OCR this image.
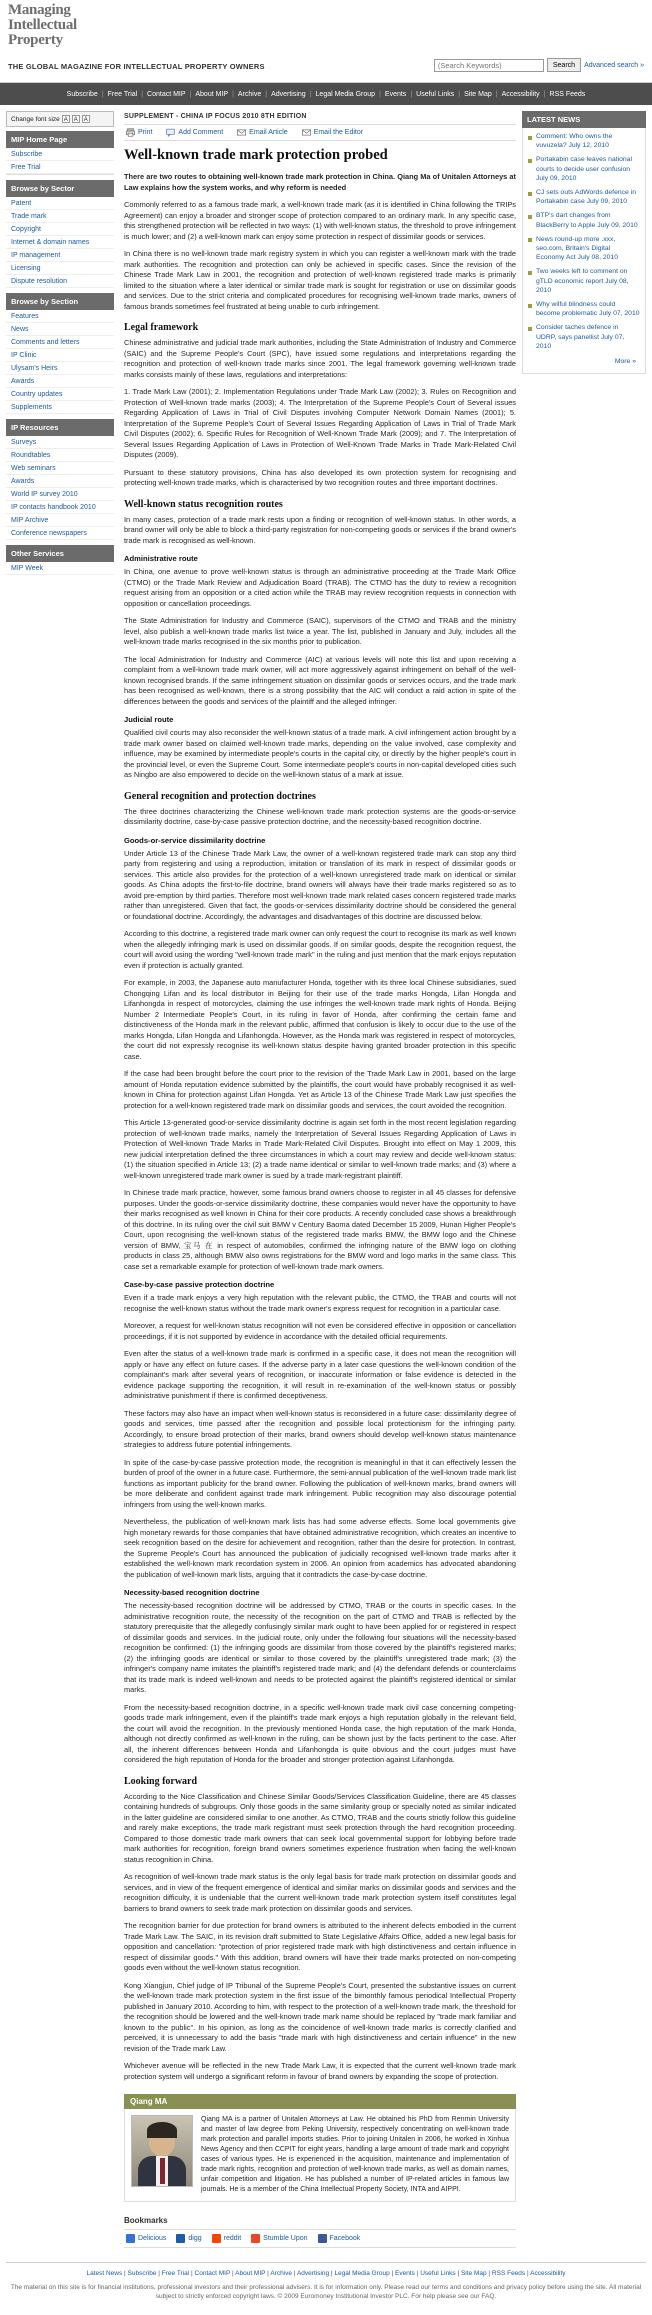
Managing
Intellectual
Property
THE GLOBAL MAGAZINE FOR INTELLECTUAL PROPERTY OWNERS
(Search Keywords)	Search	Advanced search »
Subscribe | Free Trial | Contact MIP | About MIP | Archive | Advertising | Legal Media Group | Events | Useful Links | Site Map | Accessibility | RSS Feeds
Change font size A A A
MIP Home Page
Subscribe
Free Trial
Browse by Sector
Patent
Trade mark
Copyright
Internet & domain names
IP management
Licensing
Dispute resolution
Browse by Section
Features
News
Comments and letters
IP Clinic
Ulysam's Heirs
Awards
Country updates
Supplements
IP Resources
Surveys
Roundtables
Web seminars
Awards
World IP survey 2010
IP contacts handbook 2010
MIP Archive
Conference newspapers
Other Services
MIP Week
SUPPLEMENT - CHINA IP FOCUS 2010 8TH EDITION
Print	Add Comment	Email Article	Email the Editor
Well-known trade mark protection probed

There are two routes to obtaining well-known trade mark protection in China. Qiang Ma of Unitalen Attorneys at Law explains how the system works, and why reform is needed

Commonly referred to as a famous trade mark, a well-known trade mark (as it is identified in China following the TRIPs Agreement) can enjoy a broader and stronger scope of protection compared to an ordinary mark. In any specific case, this strengthened protection will be reflected in two ways: (1) with well-known status, the threshold to prove infringement is much lower; and (2) a well-known mark can enjoy some protection in respect of dissimilar goods or services.

In China there is no well-known trade mark registry system in which you can register a well-known mark with the trade mark authorities. The recognition and protection can only be achieved in specific cases. Since the revision of the Chinese Trade Mark Law in 2001, the recognition and protection of well-known registered trade marks is primarily limited to the situation where a later identical or similar trade mark is sought for registration or use on dissimilar goods and services. Due to the strict criteria and complicated procedures for recognising well-known trade marks, owners of famous brands sometimes feel frustrated at being unable to curb infringement.

Legal framework

Chinese administrative and judicial trade mark authorities, including the State Administration of Industry and Commerce (SAIC) and the Supreme People's Court (SPC), have issued some regulations and interpretations regarding the recognition and protection of well-known trade marks since 2001. The legal framework governing well-known trade marks consists mainly of these laws, regulations and interpretations:

1. Trade Mark Law (2001); 2. Implementation Regulations under Trade Mark Law (2002); 3. Rules on Recognition and Protection of Well-known trade marks (2003); 4. The Interpretation of the Supreme People's Court of Several issues Regarding Application of Laws in Trial of Civil Disputes involving Computer Network Domain Names (2001); 5. Interpretation of the Supreme People's Court of Several Issues Regarding Application of Laws in Trial of Trade Mark Civil Disputes (2002); 6. Specific Rules for Recognition of Well-Known Trade Mark (2009); and 7. The Interpretation of Several Issues Regarding Application of Laws in Protection of Well-Known Trade Marks in Trade Mark-Related Civil Disputes (2009).

Pursuant to these statutory provisions, China has also developed its own protection system for recognising and protecting well-known trade marks, which is characterised by two recognition routes and three important doctrines.

Well-known status recognition routes

In many cases, protection of a trade mark rests upon a finding or recognition of well-known status. In other words, a brand owner will only be able to block a third-party registration for non-competing goods or services if the brand owner's trade mark is recognised as well-known.

Administrative route

In China, one avenue to prove well-known status is through an administrative proceeding at the Trade Mark Office (CTMO) or the Trade Mark Review and Adjudication Board (TRAB). The CTMO has the duty to review a recognition request arising from an opposition or a cited action while the TRAB may review recognition requests in connection with opposition or cancellation proceedings.

The State Administration for Industry and Commerce (SAIC), supervisors of the CTMO and TRAB and the ministry level, also publish a well-known trade marks list twice a year. The list, published in January and July, includes all the well-known trade marks recognised in the six months prior to publication.

The local Administration for Industry and Commerce (AIC) at various levels will note this list and upon receiving a complaint from a well-known trade mark owner, will act more aggressively against infringement on behalf of the well-known recognised brands. If the same infringement situation on dissimilar goods or services occurs, and the trade mark has been recognised as well-known, there is a strong possibility that the AIC will conduct a raid action in spite of the differences between the goods and services of the plaintiff and the alleged infringer.

Judicial route

Qualified civil courts may also reconsider the well-known status of a trade mark. A civil infringement action brought by a trade mark owner based on claimed well-known trade marks, depending on the value involved, case complexity and influence, may be examined by intermediate people's courts in the capital city, or directly by the higher people's court in the provincial level, or even the Supreme Court. Some intermediate people's courts in non-capital developed cities such as Ningbo are also empowered to decide on the well-known status of a mark at issue.

General recognition and protection doctrines

The three doctrines characterizing the Chinese well-known trade mark protection systems are the goods-or-service dissimilarity doctrine, case-by-case passive protection doctrine, and the necessity-based recognition doctrine.

Goods-or-service dissimilarity doctrine

Under Article 13 of the Chinese Trade Mark Law, the owner of a well-known registered trade mark can stop any third party from registering and using a reproduction, imitation or translation of its mark in respect of dissimilar goods or services. This article also provides for the protection of a well-known unregistered trade mark on identical or similar goods. As China adopts the first-to-file doctrine, brand owners will always have their trade marks registered so as to avoid pre-emption by third parties. Therefore most well-known trade mark related cases concern registered trade marks rather than unregistered. Given that fact, the goods-or-services dissimilarity doctrine should be considered the general or foundational doctrine. Accordingly, the advantages and disadvantages of this doctrine are discussed below.

According to this doctrine, a registered trade mark owner can only request the court to recognise its mark as well known when the allegedly infringing mark is used on dissimilar goods. If on similar goods, despite the recognition request, the court will avoid using the wording "well-known trade mark" in the ruling and just mention that the mark enjoys reputation even if protection is actually granted.

For example, in 2003, the Japanese auto manufacturer Honda, together with its three local Chinese subsidiaries, sued Chongqing Lifan and its local distributor in Beijing for their use of the trade marks Hongda, Lifan Hongda and Lifanhongda in respect of motorcycles, claiming the use infringes the well-known trade mark rights of Honda. Beijing Number 2 Intermediate People's Court, in its ruling in favor of Honda, after confirming the certain fame and distinctiveness of the Honda mark in the relevant public, affirmed that confusion is likely to occur due to the use of the marks Hongda, Lifan Hongda and Lifanhongda. However, as the Honda mark was registered in respect of motorcycles, the court did not expressly recognise its well-known status despite having granted broader protection in this specific case.

If the case had been brought before the court prior to the revision of the Trade Mark Law in 2001, based on the large amount of Honda reputation evidence submitted by the plaintiffs, the court would have probably recognised it as well-known in China for protection against Lifan Hongda. Yet as Article 13 of the Chinese Trade Mark Law just specifies the protection for a well-known registered trade mark on dissimilar goods and services, the court avoided the recognition.

This Article 13-generated good-or-service dissimilarity doctrine is again set forth in the most recent legislation regarding protection of well-known trade marks, namely the Interpretation of Several Issues Regarding Application of Laws in Protection of Well-known Trade Marks in Trade Mark-Related Civil Disputes. Brought into effect on May 1 2009, this new judicial interpretation defined the three circumstances in which a court may review and decide well-known status: (1) the situation specified in Article 13; (2) a trade name identical or similar to well-known trade marks; and (3) where a well-known unregistered trade mark owner is sued by a trade mark-registrant plaintiff.

In Chinese trade mark practice, however, some famous brand owners choose to register in all 45 classes for defensive purposes. Under the goods-or-service dissimilarity doctrine, these companies would never have the opportunity to have their marks recognised as well known in China for their core products. A recently concluded case shows a breakthrough of this doctrine. In its ruling over the civil suit BMW v Century Baoma dated December 15 2009, Hunan Higher People's Court, upon recognising the well-known status of the registered trade marks BMW, the BMW logo and the Chinese version of BMW, 宝马 在 in respect of automobiles, confirmed the infringing nature of the BMW logo on clothing products in class 25, although BMW also owns registrations for the BMW word and logo marks in the same class. This case set a remarkable example for protection of well-known trade mark owners.

Case-by-case passive protection doctrine

Even if a trade mark enjoys a very high reputation with the relevant public, the CTMO, the TRAB and courts will not recognise the well-known status without the trade mark owner's express request for recognition in a particular case.

Moreover, a request for well-known status recognition will not even be considered effective in opposition or cancellation proceedings, if it is not supported by evidence in accordance with the detailed official requirements.

Even after the status of a well-known trade mark is confirmed in a specific case, it does not mean the recognition will apply or have any effect on future cases. If the adverse party in a later case questions the well-known condition of the complainant's mark after several years of recognition, or inaccurate information or false evidence is detected in the evidence package supporting the recognition, it will result in re-examination of the well-known status or possibly administrative punishment if there is confirmed deceptiveness.

These factors may also have an impact when well-known status is reconsidered in a future case: dissimilarity degree of goods and services, time passed after the recognition and possible local protectionism for the infringing party. Accordingly, to ensure broad protection of their marks, brand owners should develop well-known status maintenance strategies to address future potential infringements.

In spite of the case-by-case passive protection mode, the recognition is meaningful in that it can effectively lessen the burden of proof of the owner in a future case. Furthermore, the semi-annual publication of the well-known trade mark list functions as important publicity for the brand owner. Following the publication of well-known marks, brand owners will be more deliberate and confident against trade mark infringement. Public recognition may also discourage potential infringers from using the well-known marks.

Nevertheless, the publication of well-known mark lists has had some adverse effects. Some local governments give high monetary rewards for those companies that have obtained administrative recognition, which creates an incentive to seek recognition based on the desire for achievement and recognition, rather than the desire for protection. In contrast, the Supreme People's Court has announced the publication of judicially recognised well-known trade marks after it established the well-known mark recordation system in 2006. An opinion from academics has advocated abandoning the publication of well-known mark lists, arguing that it contradicts the case-by-case doctrine.

Necessity-based recognition doctrine

The necessity-based recognition doctrine will be addressed by CTMO, TRAB or the courts in specific cases. In the administrative recognition route, the necessity of the recognition on the part of CTMO and TRAB is reflected by the statutory prerequisite that the allegedly confusingly similar mark ought to have been applied for or registered in respect of dissimilar goods and services. In the judicial route, only under the following four situations will the necessity-based recognition be confirmed: (1) the infringing goods are dissimilar from those covered by the plaintiff's registered marks; (2) the infringing goods are identical or similar to those covered by the plaintiff's unregistered trade mark; (3) the infringer's company name imitates the plaintiff's registered trade mark; and (4) the defendant defends or counterclaims that its trade mark is indeed well-known and needs to be protected against the plaintiff's registered identical or similar marks.

From the necessity-based recognition doctrine, in a specific well-known trade mark civil case concerning competing-goods trade mark infringement, even if the plaintiff's trade mark enjoys a high reputation globally in the relevant field, the court will avoid the recognition. In the previously mentioned Honda case, the high reputation of the mark Honda, although not directly confirmed as well-known in the ruling, can be shown just by the facts pertinent to the case. After all, the inherent differences between Honda and Lifanhongda is quite obvious and the court judges must have considered the high reputation of Honda for the broader and stronger protection against Lifanhongda.

Looking forward

According to the Nice Classification and Chinese Similar Goods/Services Classification Guideline, there are 45 classes containing hundreds of subgroups. Only those goods in the same similarity group or specially noted as similar indicated in the latter guideline are considered similar to one another. As CTMO, TRAB and the courts strictly follow this guideline and rarely make exceptions, the trade mark registrant must seek protection through the hard recognition proceeding. Compared to those domestic trade mark owners that can seek local governmental support for lobbying before trade mark authorities for recognition, foreign brand owners sometimes experience frustration when facing the well-known status recognition in China.

As recognition of well-known trade mark status is the only legal basis for trade mark protection on dissimilar goods and services, and in view of the frequent emergence of identical and similar marks on dissimilar goods and services and the recognition difficulty, it is undeniable that the current well-known trade mark protection system itself constitutes legal barriers to brand owners to seek trade mark protection on dissimilar goods and services.

The recognition barrier for due protection for brand owners is attributed to the inherent defects embodied in the current Trade Mark Law. The SAIC, in its revision draft submitted to State Legislative Affairs Office, added a new legal basis for opposition and cancellation: "protection of prior registered trade mark with high distinctiveness and certain influence in respect of dissimilar goods." With this addition, brand owners will have their trade marks protected on non-competing goods even without the well-known status recognition.

Kong Xiangjun, Chief judge of IP Tribunal of the Supreme People's Court, presented the substantive issues on current the well-known trade mark protection system in the first issue of the bimonthly famous periodical Intellectual Property published in January 2010. According to him, with respect to the protection of a well-known trade mark, the threshold for the recognition should be lowered and the well-known trade mark name should be replaced by "trade mark familiar and known to the public". In his opinion, as long as the coincidence of well-known trade marks is correctly clarified and perceived, it is unnecessary to add the basis "trade mark with high distinctiveness and certain influence" in the new revision of the Trade mark Law.

Whichever avenue will be reflected in the new Trade Mark Law, it is expected that the current well-known trade mark protection system will undergo a significant reform in favour of brand owners by expanding the scope of protection.

Qiang MA
Qiang MA is a partner of Unitalen Attorneys at Law. He obtained his PhD from Renmin University and master of law degree from Peking University, respectively concentrating on well-known trade mark protection and parallel imports studies. Prior to joining Unitalen in 2006, he worked in Xinhua News Agency and then CCPIT for eight years, handling a large amount of trade mark and copyright cases of various types. He is experienced in the acquisition, maintenance and implementation of trade mark rights, recognition and protection of well-known trade marks, as well as domain names, unfair competition and litigation. He has published a number of IP-related articles in famous law journals. He is a member of the China Intellectual Property Society, INTA and AIPPI.
Bookmarks
Delicious	digg	reddit	Stumble Upon	Facebook
LATEST NEWS
Comment: Who owns the vuvuzela? July 12, 2010
Portakabin case leaves national courts to decide user confusion July 09, 2010
CJ sets outs AdWords defence in Portakabin case July 09, 2010
BTP's dart changes from BlackBerry to Apple July 09, 2010
News round-up more .xxx, seo.com, Britain's Digital Economy Act July 08, 2010
Two weeks left to comment on gTLD economic report July 08, 2010
Why wilful blindness could become problematic July 07, 2010
Consider taches defence in UDRP, says panellist July 07, 2010
More »
Latest News | Subscribe | Free Trial | Contact MIP | About MIP | Archive | Advertising | Legal Media Group | Events | Useful Links | Site Map | RSS Feeds | Accessibility
The material on this site is for financial institutions, professional investors and their professional advisers. It is for information only. Please read our terms and conditions and privacy policy before using the site. All material subject to strictly enforced copyright laws. © 2009 Euromoney Institutional Investor PLC. For help please see our FAQ.
